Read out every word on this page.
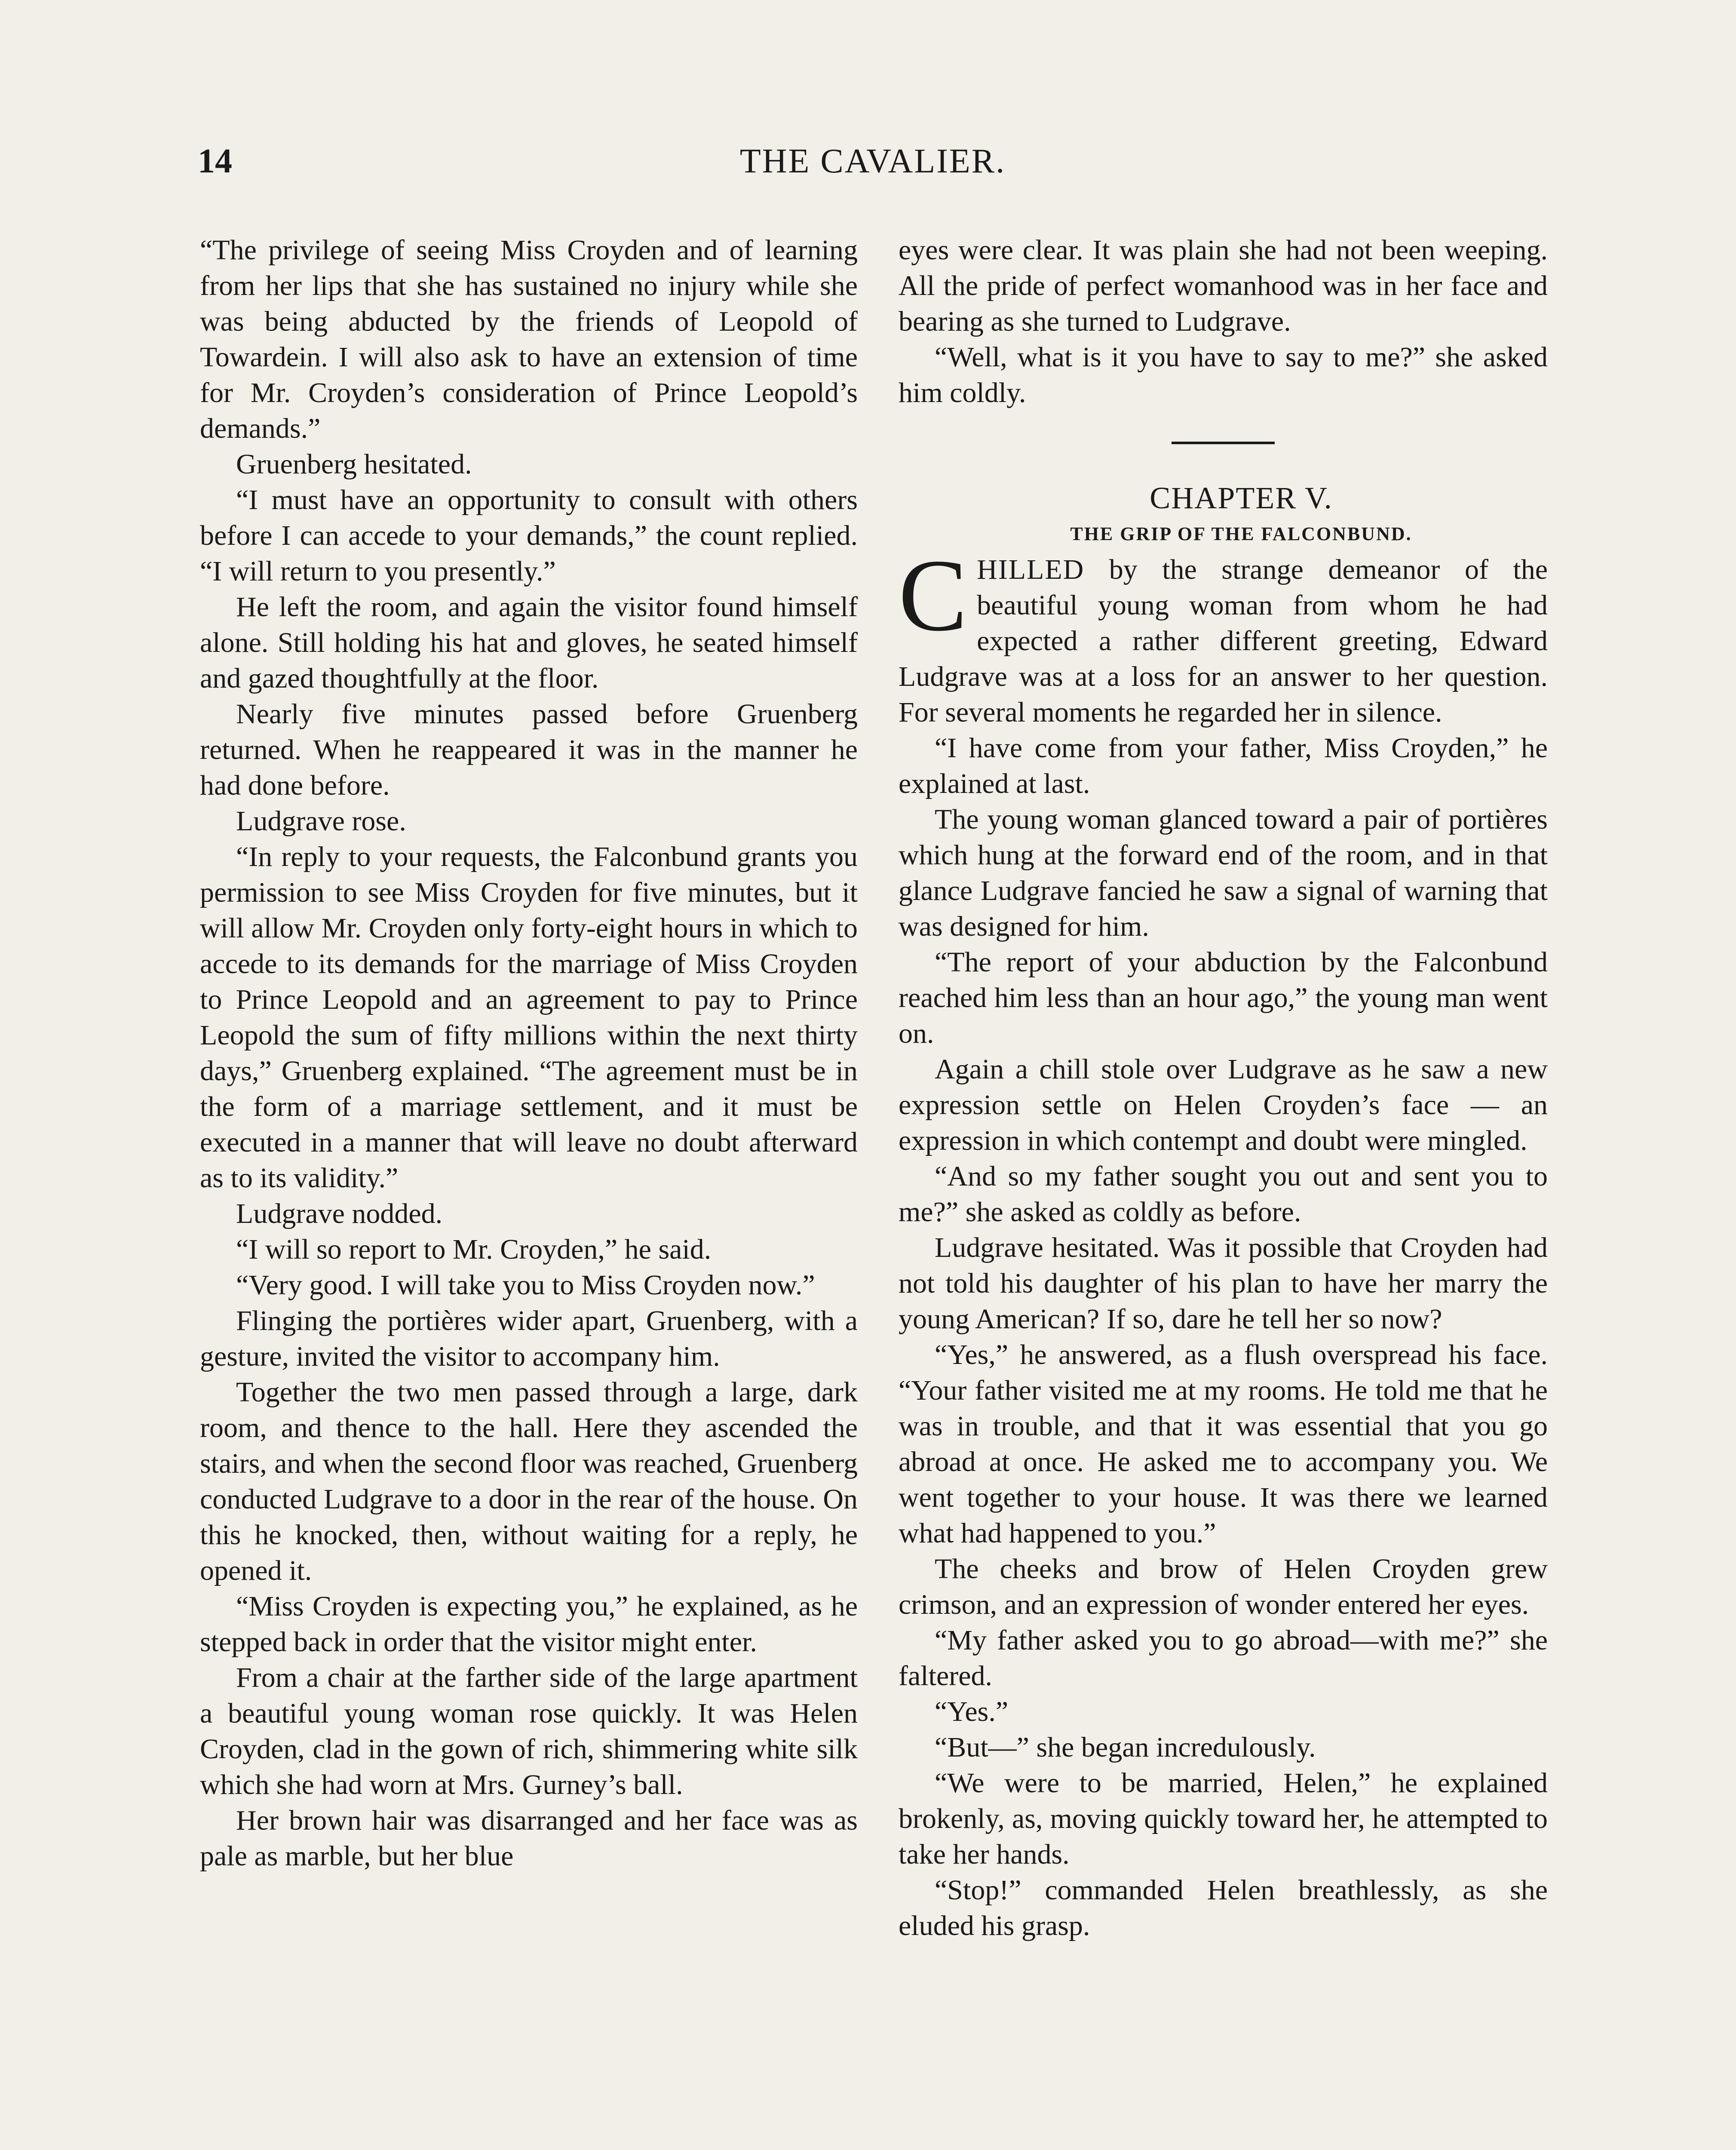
14	THE CAVALIER.

“The privilege of seeing Miss Croyden and of learning from her lips that she has sustained no injury while she was being abducted by the friends of Leopold of Towardein. I will also ask to have an extension of time for Mr. Croyden’s consideration of Prince Leopold’s demands.”

Gruenberg hesitated.

“I must have an opportunity to consult with others before I can accede to your demands,” the count replied. “I will return to you presently.”

He left the room, and again the visitor found himself alone. Still holding his hat and gloves, he seated himself and gazed thoughtfully at the floor.

Nearly five minutes passed before Gruenberg returned. When he reappeared it was in the manner he had done before.

Ludgrave rose.

“In reply to your requests, the Falconbund grants you permission to see Miss Croyden for five minutes, but it will allow Mr. Croyden only forty-eight hours in which to accede to its demands for the marriage of Miss Croyden to Prince Leopold and an agreement to pay to Prince Leopold the sum of fifty millions within the next thirty days,” Gruenberg explained. “The agreement must be in the form of a marriage settlement, and it must be executed in a manner that will leave no doubt afterward as to its validity.”

Ludgrave nodded.

“I will so report to Mr. Croyden,” he said.

“Very good. I will take you to Miss Croyden now.”

Flinging the portières wider apart, Gruenberg, with a gesture, invited the visitor to accompany him.

Together the two men passed through a large, dark room, and thence to the hall. Here they ascended the stairs, and when the second floor was reached, Gruenberg conducted Ludgrave to a door in the rear of the house. On this he knocked, then, without waiting for a reply, he opened it.

“Miss Croyden is expecting you,” he explained, as he stepped back in order that the visitor might enter.

From a chair at the farther side of the large apartment a beautiful young woman rose quickly. It was Helen Croyden, clad in the gown of rich, shimmering white silk which she had worn at Mrs. Gurney’s ball.

Her brown hair was disarranged and her face was as pale as marble, but her blue

eyes were clear. It was plain she had not been weeping. All the pride of perfect womanhood was in her face and bearing as she turned to Ludgrave.

“Well, what is it you have to say to me?” she asked him coldly.

CHAPTER V.

THE GRIP OF THE FALCONBUND.

CHILLED by the strange demeanor of the beautiful young woman from whom he had expected a rather different greeting, Edward Ludgrave was at a loss for an answer to her question. For several moments he regarded her in silence.

“I have come from your father, Miss Croyden,” he explained at last.

The young woman glanced toward a pair of portières which hung at the forward end of the room, and in that glance Ludgrave fancied he saw a signal of warning that was designed for him.

“The report of your abduction by the Falconbund reached him less than an hour ago,” the young man went on.

Again a chill stole over Ludgrave as he saw a new expression settle on Helen Croyden’s face — an expression in which contempt and doubt were mingled.

“And so my father sought you out and sent you to me?” she asked as coldly as before.

Ludgrave hesitated. Was it possible that Croyden had not told his daughter of his plan to have her marry the young American? If so, dare he tell her so now?

“Yes,” he answered, as a flush overspread his face. “Your father visited me at my rooms. He told me that he was in trouble, and that it was essential that you go abroad at once. He asked me to accompany you. We went together to your house. It was there we learned what had happened to you.”

The cheeks and brow of Helen Croyden grew crimson, and an expression of wonder entered her eyes.

“My father asked you to go abroad—with me?” she faltered.

“Yes.”

“But—” she began incredulously.

“We were to be married, Helen,” he explained brokenly, as, moving quickly toward her, he attempted to take her hands.

“Stop!” commanded Helen breathlessly, as she eluded his grasp.
